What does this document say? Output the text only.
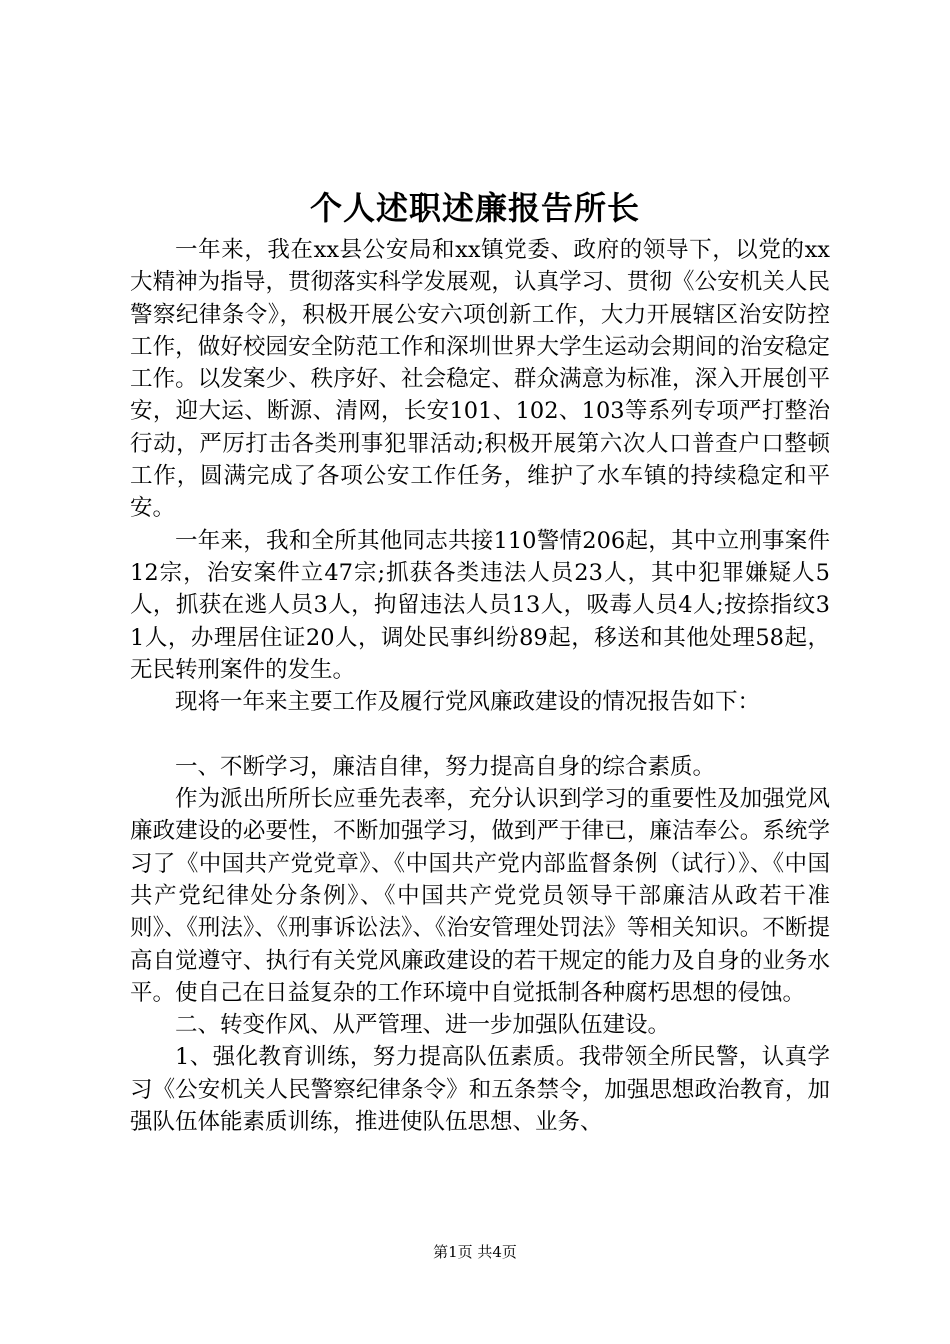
个人述职述廉报告所长

一年来，我在xx县公安局和xx镇党委、政府的领导下，以党的xx大精神为指导，贯彻落实科学发展观，认真学习、贯彻《公安机关人民警察纪律条令》，积极开展公安六项创新工作，大力开展辖区治安防控工作，做好校园安全防范工作和深圳世界大学生运动会期间的治安稳定工作。以发案少、秩序好、社会稳定、群众满意为标准，深入开展创平安，迎大运、断源、清网，长安101、102、103等系列专项严打整治行动，严厉打击各类刑事犯罪活动;积极开展第六次人口普查户口整顿工作，圆满完成了各项公安工作任务，维护了水车镇的持续稳定和平安。

一年来，我和全所其他同志共接110警情206起，其中立刑事案件12宗，治安案件立47宗;抓获各类违法人员23人，其中犯罪嫌疑人5人，抓获在逃人员3人，拘留违法人员13人，吸毒人员4人;按捺指纹31人，办理居住证20人，调处民事纠纷89起，移送和其他处理58起，无民转刑案件的发生。

现将一年来主要工作及履行党风廉政建设的情况报告如下：

一、不断学习，廉洁自律，努力提高自身的综合素质。

作为派出所所长应垂先表率，充分认识到学习的重要性及加强党风廉政建设的必要性，不断加强学习，做到严于律已，廉洁奉公。系统学习了《中国共产党党章》、《中国共产党内部监督条例（试行）》、《中国共产党纪律处分条例》、《中国共产党党员领导干部廉洁从政若干准则》、《刑法》、《刑事诉讼法》、《治安管理处罚法》等相关知识。不断提高自觉遵守、执行有关党风廉政建设的若干规定的能力及自身的业务水平。使自己在日益复杂的工作环境中自觉抵制各种腐朽思想的侵蚀。

二、转变作风、从严管理、进一步加强队伍建设。

1、强化教育训练，努力提高队伍素质。我带领全所民警，认真学习《公安机关人民警察纪律条令》和五条禁令，加强思想政治教育，加强队伍体能素质训练，推进使队伍思想、业务、

第1页 共4页
